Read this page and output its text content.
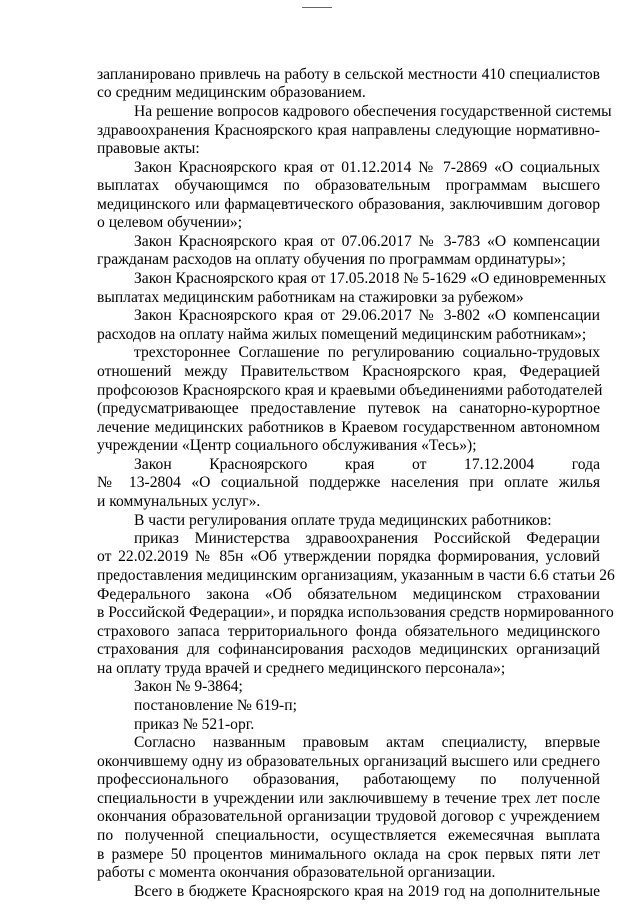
запланировано привлечь на работу в сельской местности 410 специалистов
со средним медицинским образованием.
На решение вопросов кадрового обеспечения государственной системы
здравоохранения Красноярского края направлены следующие нормативно-
правовые акты:
Закон Красноярского края от 01.12.2014 № 7-2869 «О социальных
выплатах обучающимся по образовательным программам высшего
медицинского или фармацевтического образования, заключившим договор
о целевом обучении»;
Закон Красноярского края от 07.06.2017 № 3-783 «О компенсации
гражданам расходов на оплату обучения по программам ординатуры»;
Закон Красноярского края от 17.05.2018 № 5-1629 «О единовременных
выплатах медицинским работникам на стажировки за рубежом»
Закон Красноярского края от 29.06.2017 № 3-802 «О компенсации
расходов на оплату найма жилых помещений медицинским работникам»;
трехстороннее Соглашение по регулированию социально-трудовых
отношений между Правительством Красноярского края, Федерацией
профсоюзов Красноярского края и краевыми объединениями работодателей
(предусматривающее предоставление путевок на санаторно-курортное
лечение медицинских работников в Краевом государственном автономном
учреждении «Центр социального обслуживания «Тесь»);
Закон Красноярского края от 17.12.2004 года
№ 13-2804 «О социальной поддержке населения при оплате жилья
и коммунальных услуг».
В части регулирования оплате труда медицинских работников:
приказ Министерства здравоохранения Российской Федерации
от 22.02.2019 № 85н «Об утверждении порядка формирования, условий
предоставления медицинским организациям, указанным в части 6.6 статьи 26
Федерального закона «Об обязательном медицинском страховании
в Российской Федерации», и порядка использования средств нормированного
страхового запаса территориального фонда обязательного медицинского
страхования для софинансирования расходов медицинских организаций
на оплату труда врачей и среднего медицинского персонала»;
Закон № 9-3864;
постановление № 619-п;
приказ № 521-орг.
Согласно названным правовым актам специалисту, впервые
окончившему одну из образовательных организаций высшего или среднего
профессионального образования, работающему по полученной
специальности в учреждении или заключившему в течение трех лет после
окончания образовательной организации трудовой договор с учреждением
по полученной специальности, осуществляется ежемесячная выплата
в размере 50 процентов минимального оклада на срок первых пяти лет
работы с момента окончания образовательной организации.
Всего в бюджете Красноярского края на 2019 год на дополнительные
